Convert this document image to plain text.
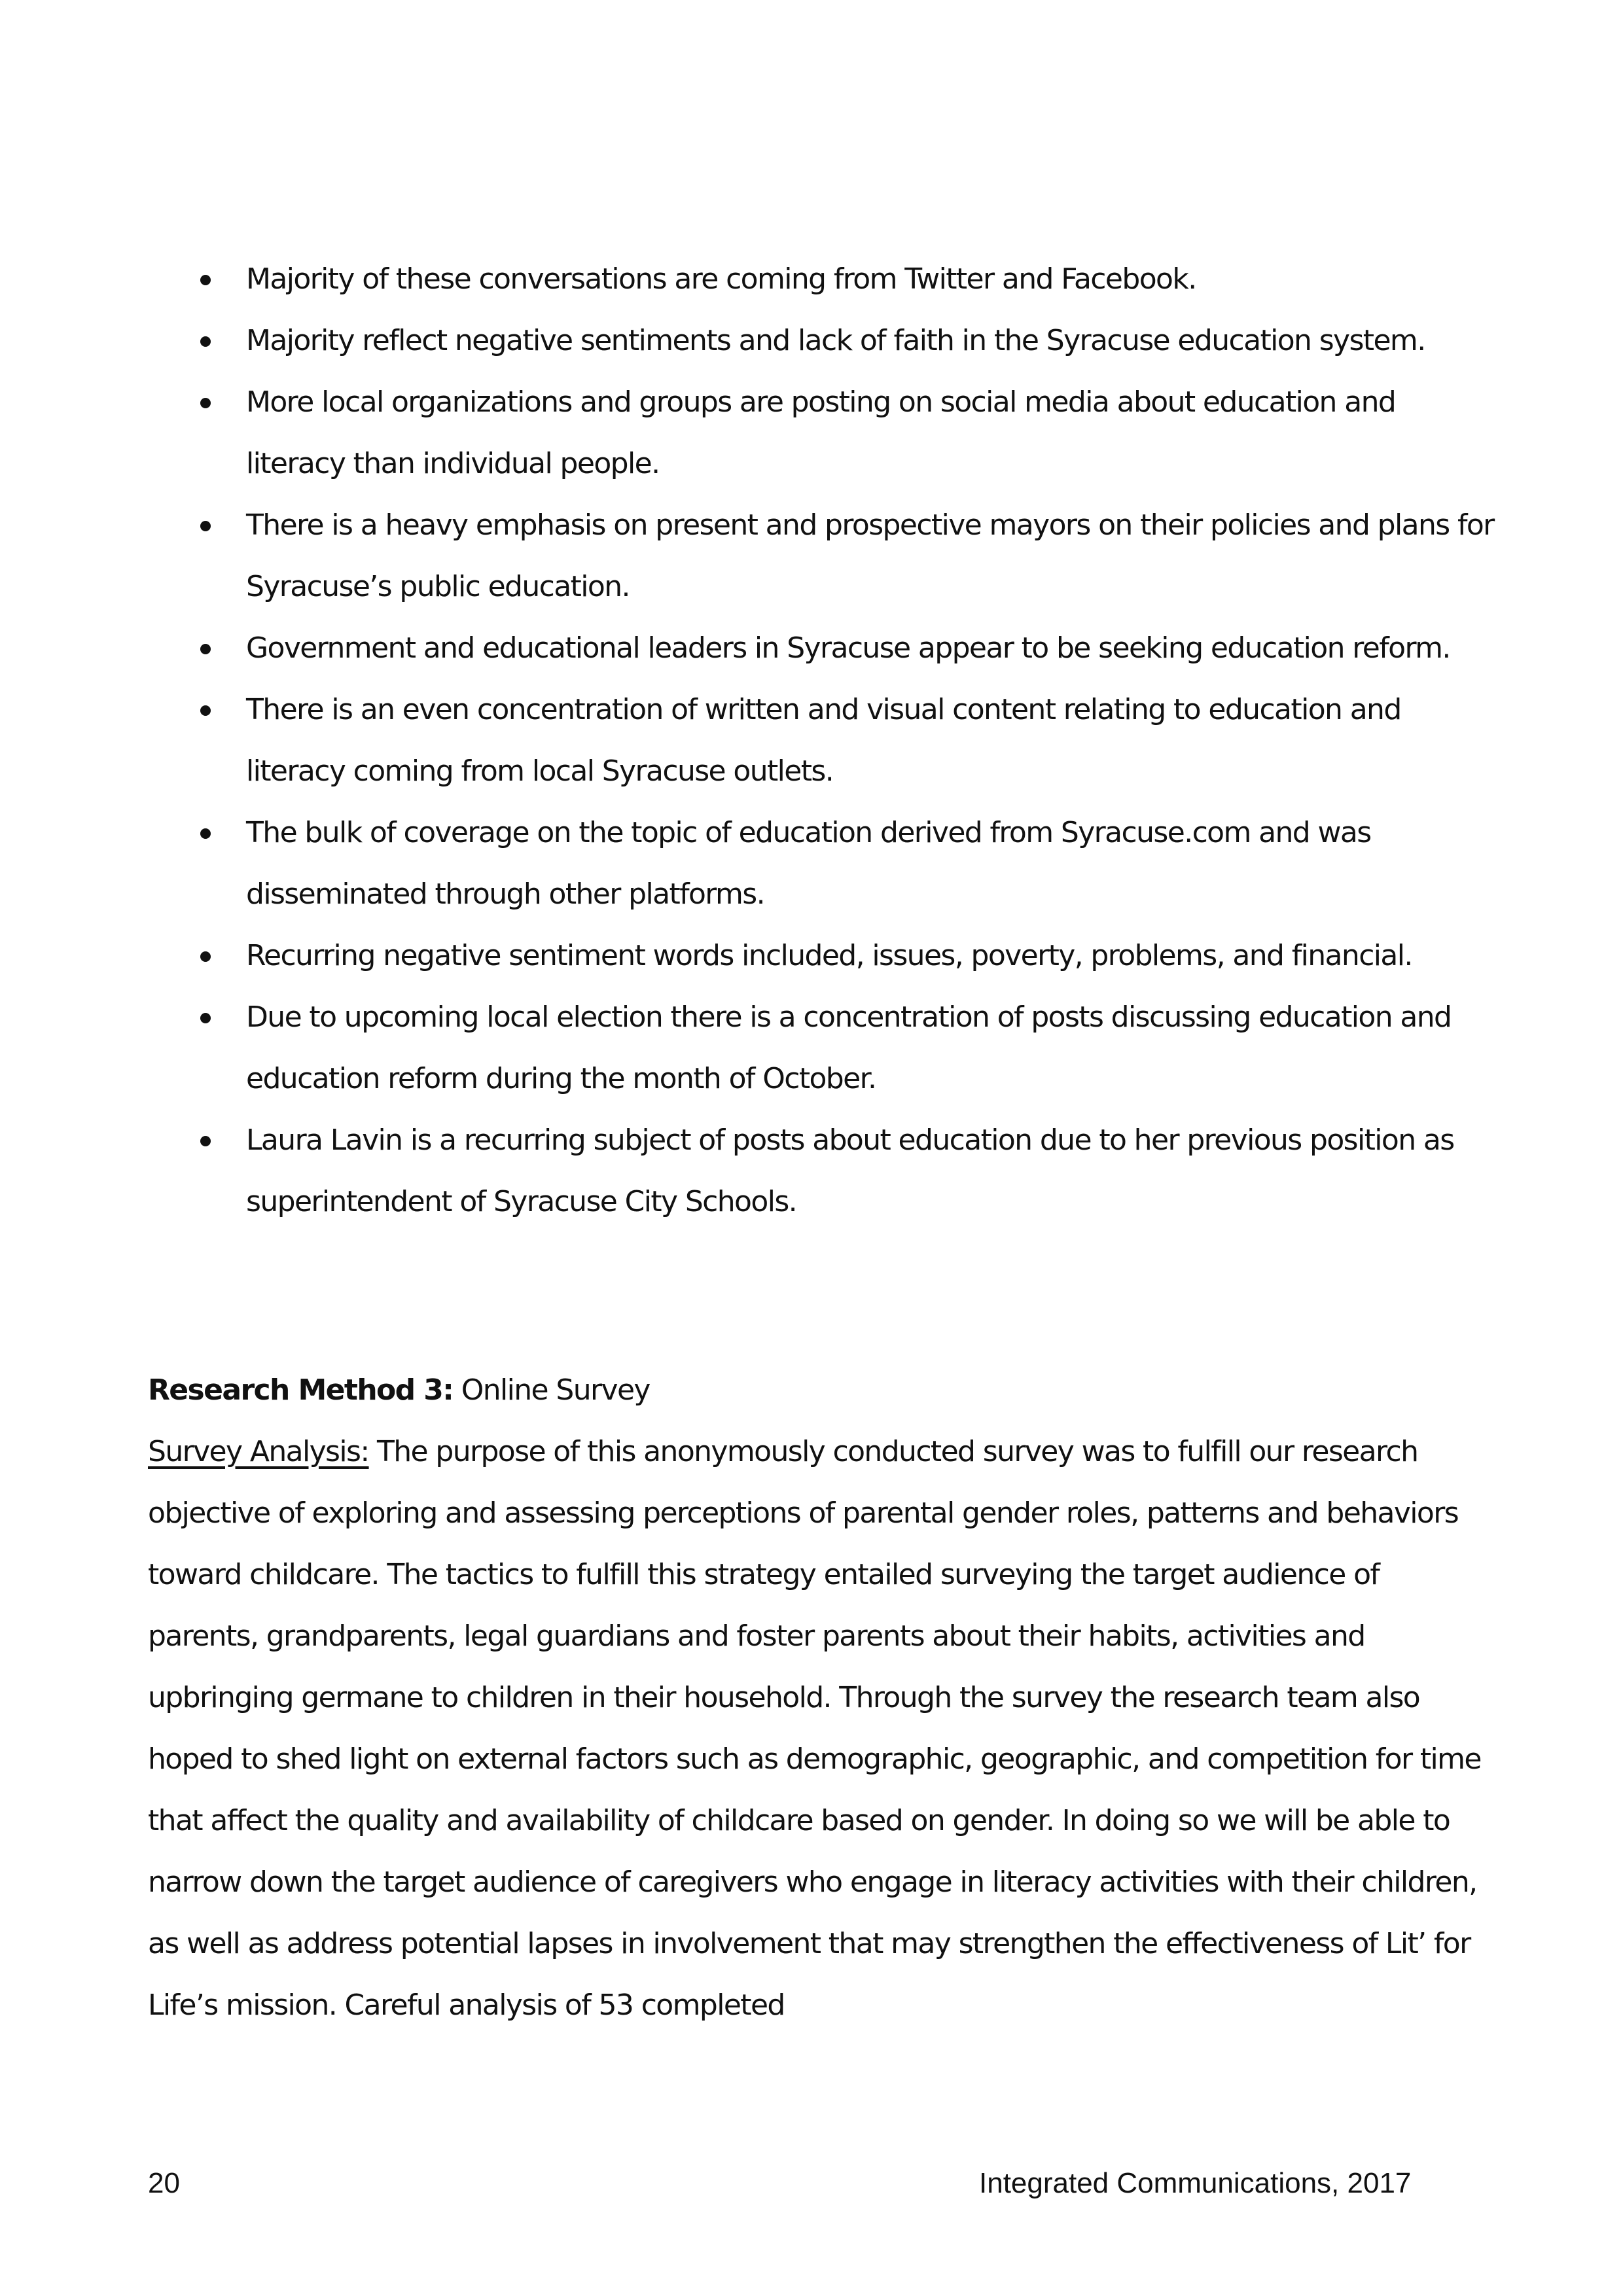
Majority of these conversations are coming from Twitter and Facebook.
Majority reflect negative sentiments and lack of faith in the Syracuse education system.
More local organizations and groups are posting on social media about education and literacy than individual people.
There is a heavy emphasis on present and prospective mayors on their policies and plans for Syracuse’s public education.
Government and educational leaders in Syracuse appear to be seeking education reform.
There is an even concentration of written and visual content relating to education and literacy coming from local Syracuse outlets.
The bulk of coverage on the topic of education derived from Syracuse.com and was disseminated through other platforms.
Recurring negative sentiment words included, issues, poverty, problems, and financial.
Due to upcoming local election there is a concentration of posts discussing education and education reform during the month of October.
Laura Lavin is a recurring subject of posts about education due to her previous position as superintendent of Syracuse City Schools.
Research Method 3: Online Survey
Survey Analysis: The purpose of this anonymously conducted survey was to fulfill our research objective of exploring and assessing perceptions of parental gender roles, patterns and behaviors toward childcare. The tactics to fulfill this strategy entailed surveying the target audience of parents, grandparents, legal guardians and foster parents about their habits, activities and upbringing germane to children in their household. Through the survey the research team also hoped to shed light on external factors such as demographic, geographic, and competition for time that affect the quality and availability of childcare based on gender. In doing so we will be able to narrow down the target audience of caregivers who engage in literacy activities with their children, as well as address potential lapses in involvement that may strengthen the effectiveness of Lit’ for Life’s mission. Careful analysis of 53 completed
20	Integrated Communications, 2017
